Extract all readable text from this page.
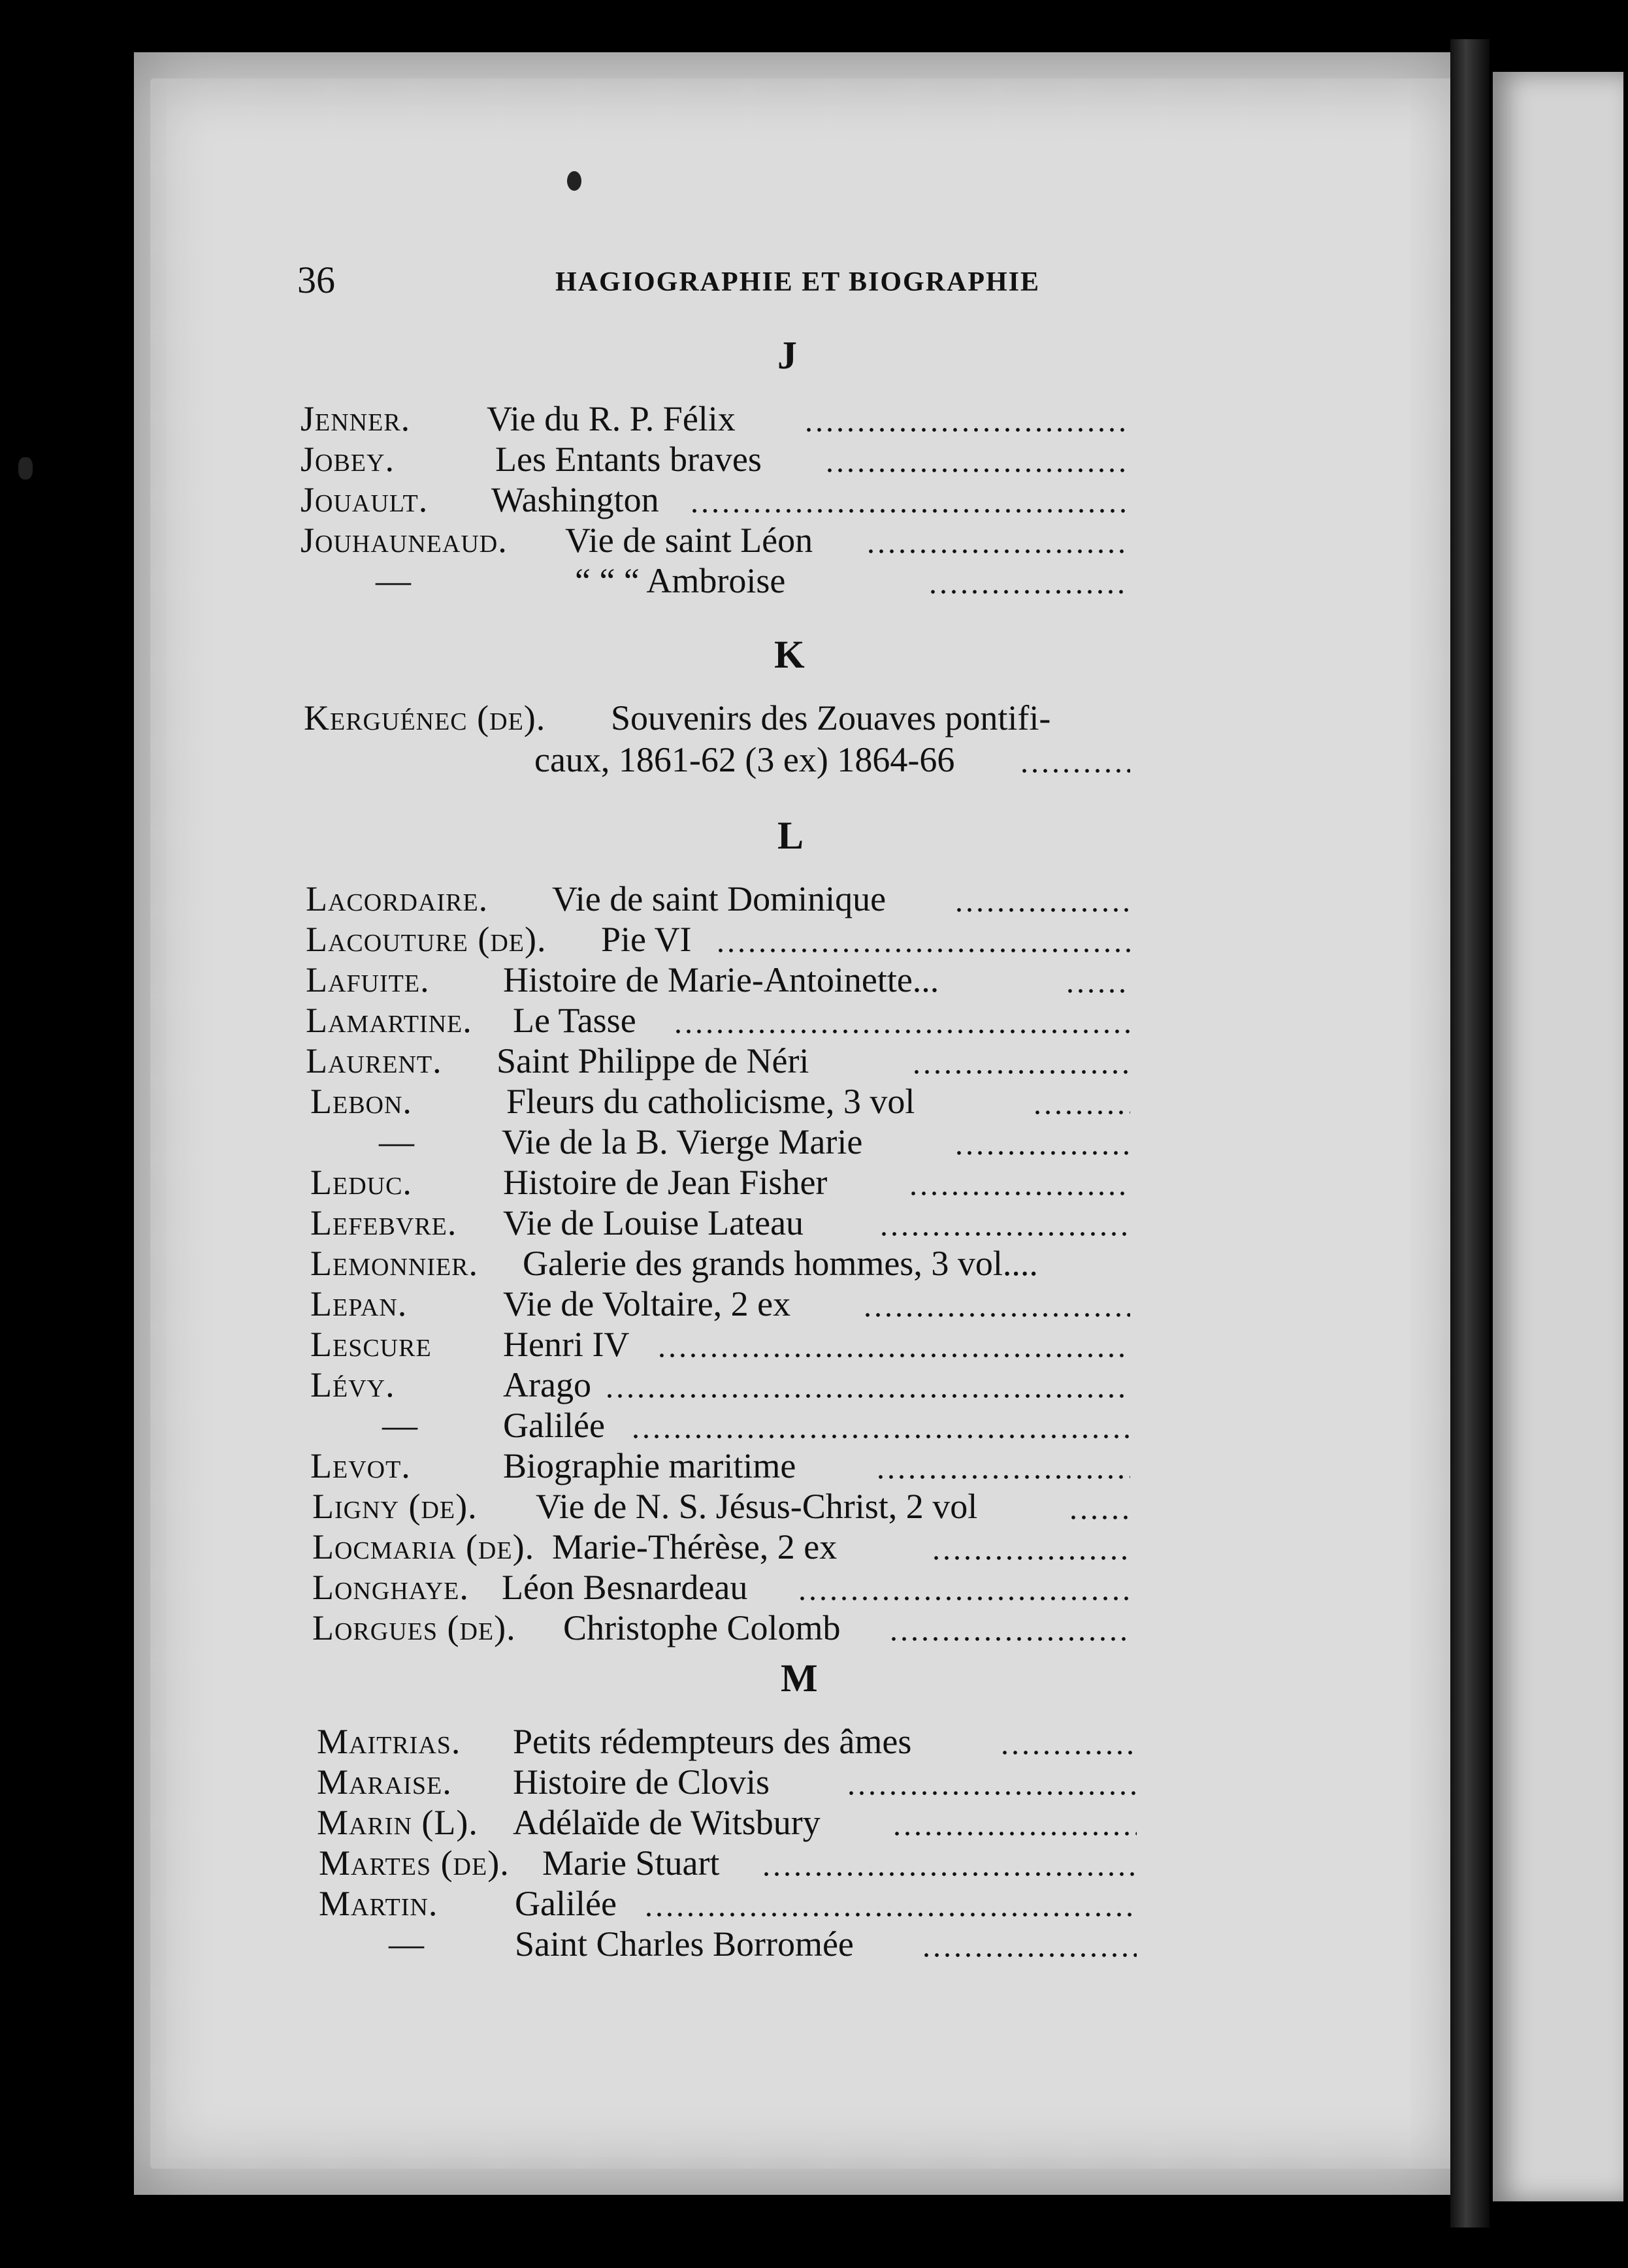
36	HAGIOGRAPHIE ET BIOGRAPHIE
J
Jenner. Vie du R. P. Félix
Jobey.	Les Entants braves
Jouault. Washington
Jouhauneaud. Vie de saint Léon
—	“ “ “ Ambroise
K
Kerguénec (de). Souvenirs des Zouaves pontifi-
caux, 1861-62 (3 ex) 1864-66
L
Lacordaire. Vie de saint Dominique
Lacouture (de). Pie VI
Lafuite. Histoire de Marie-Antoinette...
Lamartine. Le Tasse
Laurent. Saint Philippe de Néri
Lebon.	Fleurs du catholicisme, 3 vol
— Vie de la B. Vierge Marie
Leduc.	Histoire de Jean Fisher
Lefebvre. Vie de Louise Lateau
Lemonnier. Galerie des grands hommes, 3 vol....
Lepan.	Vie de Voltaire, 2 ex
Lescure Henri IV
Lévy.	Arago
— Galilée
Levot.	Biographie maritime
Ligny (de). Vie de N. S. Jésus-Christ, 2 vol
Locmaria (de). Marie-Thérèse, 2 ex
Longhaye. Léon Besnardeau
Lorgues (de). Christophe Colomb
M
Maitrias. Petits rédempteurs des âmes
Maraise. Histoire de Clovis
Marin (L). Adélaïde de Witsbury
Martes (de). Marie Stuart
Martin. Galilée
—	Saint Charles Borromée
